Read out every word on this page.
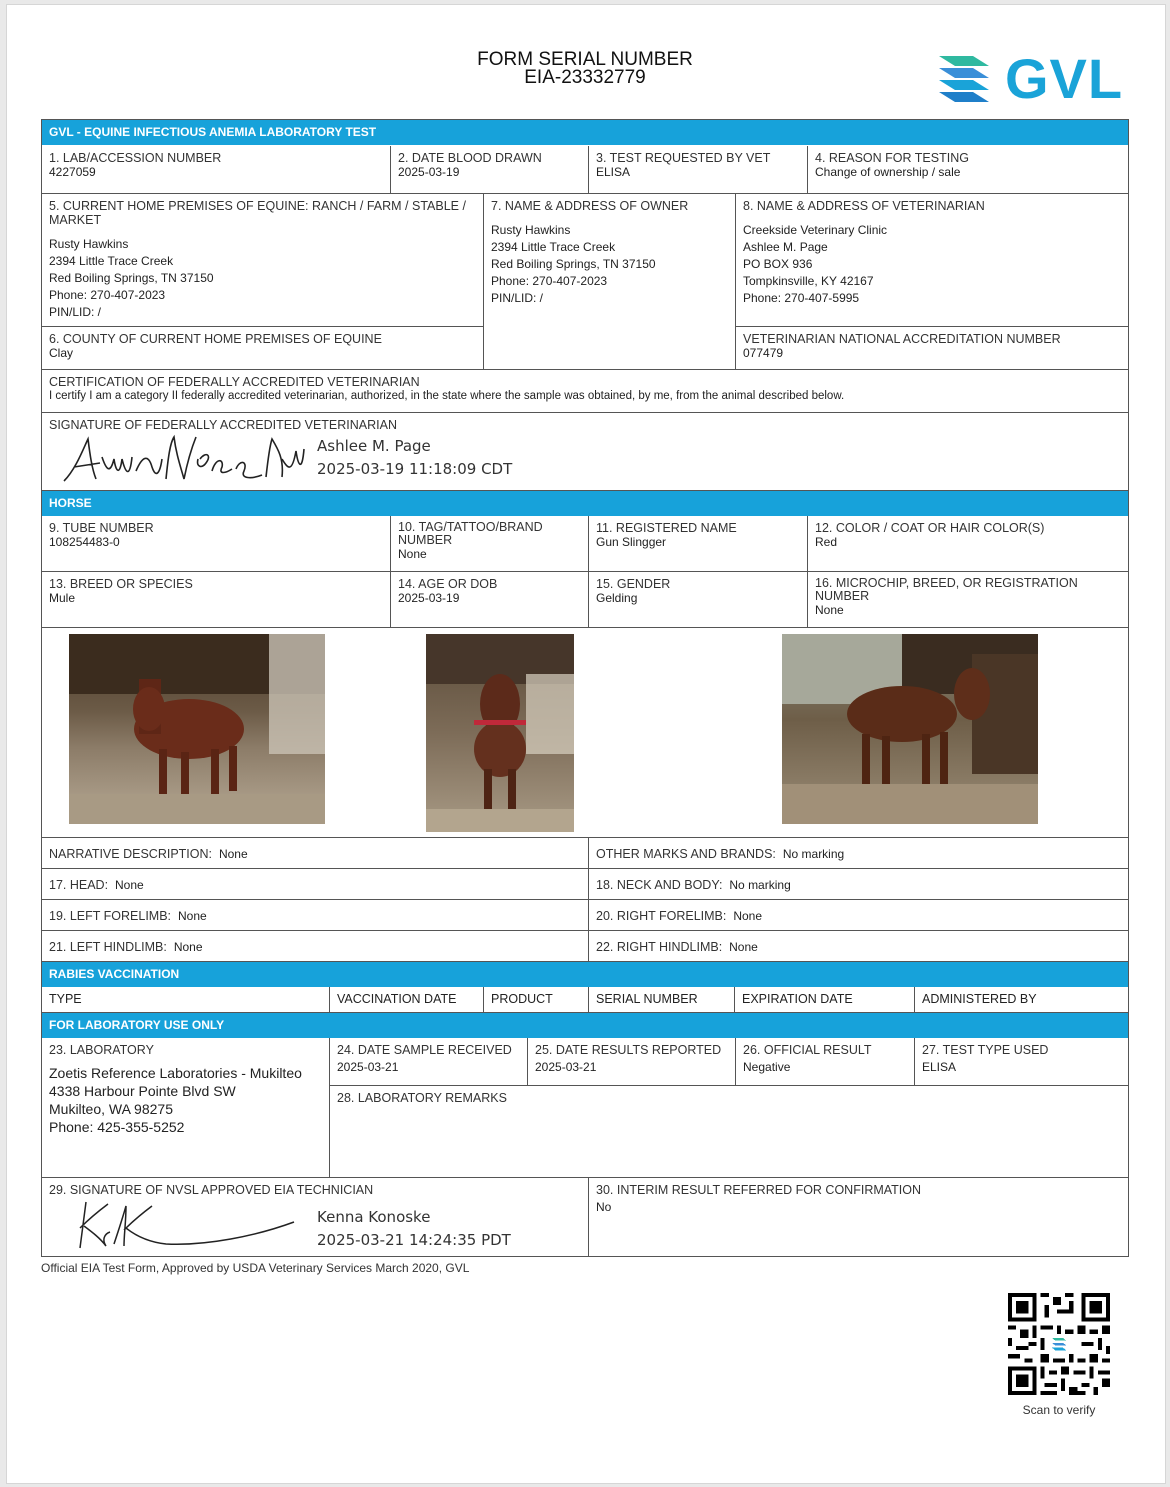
FORM SERIAL NUMBER
EIA-23332779	GVL
GVL - EQUINE INFECTIOUS ANEMIA LABORATORY TEST
1. LAB/ACCESSION NUMBER
4227059
2. DATE BLOOD DRAWN
2025-03-19
3. TEST REQUESTED BY VET
ELISA
4. REASON FOR TESTING
Change of ownership / sale
5. CURRENT HOME PREMISES OF EQUINE: RANCH / FARM / STABLE / MARKET
Rusty Hawkins
2394 Little Trace Creek
Red Boiling Springs, TN 37150
Phone: 270-407-2023
PIN/LID: /
7. NAME & ADDRESS OF OWNER
Rusty Hawkins
2394 Little Trace Creek
Red Boiling Springs, TN 37150
Phone: 270-407-2023
PIN/LID: /
8. NAME & ADDRESS OF VETERINARIAN
Creekside Veterinary Clinic
Ashlee M. Page
PO BOX 936
Tompkinsville, KY 42167
Phone: 270-407-5995
6. COUNTY OF CURRENT HOME PREMISES OF EQUINE
Clay
VETERINARIAN NATIONAL ACCREDITATION NUMBER
077479
CERTIFICATION OF FEDERALLY ACCREDITED VETERINARIAN
I certify I am a category II federally accredited veterinarian, authorized, in the state where the sample was obtained, by me, from the animal described below.
SIGNATURE OF FEDERALLY ACCREDITED VETERINARIAN
Ashlee M. Page
2025-03-19 11:18:09 CDT
HORSE
9. TUBE NUMBER
108254483-0
10. TAG/TATTOO/BRAND NUMBER
None
11. REGISTERED NAME
Gun Slingger
12. COLOR / COAT OR HAIR COLOR(S)
Red
13. BREED OR SPECIES
Mule
14. AGE OR DOB
2025-03-19
15. GENDER
Gelding
16. MICROCHIP, BREED, OR REGISTRATION NUMBER
None
NARRATIVE DESCRIPTION: None	OTHER MARKS AND BRANDS: No marking
17. HEAD: None	18. NECK AND BODY: No marking
19. LEFT FORELIMB: None	20. RIGHT FORELIMB: None
21. LEFT HINDLIMB: None	22. RIGHT HINDLIMB: None
RABIES VACCINATION
TYPE	VACCINATION DATE	PRODUCT	SERIAL NUMBER	EXPIRATION DATE	ADMINISTERED BY
FOR LABORATORY USE ONLY
23. LABORATORY
Zoetis Reference Laboratories - Mukilteo
4338 Harbour Pointe Blvd SW
Mukilteo, WA 98275
Phone: 425-355-5252
24. DATE SAMPLE RECEIVED
2025-03-21
25. DATE RESULTS REPORTED
2025-03-21
26. OFFICIAL RESULT
Negative
27. TEST TYPE USED
ELISA
28. LABORATORY REMARKS
29. SIGNATURE OF NVSL APPROVED EIA TECHNICIAN
Kenna Konoske
2025-03-21 14:24:35 PDT
30. INTERIM RESULT REFERRED FOR CONFIRMATION
No
Official EIA Test Form, Approved by USDA Veterinary Services March 2020, GVL
Scan to verify
